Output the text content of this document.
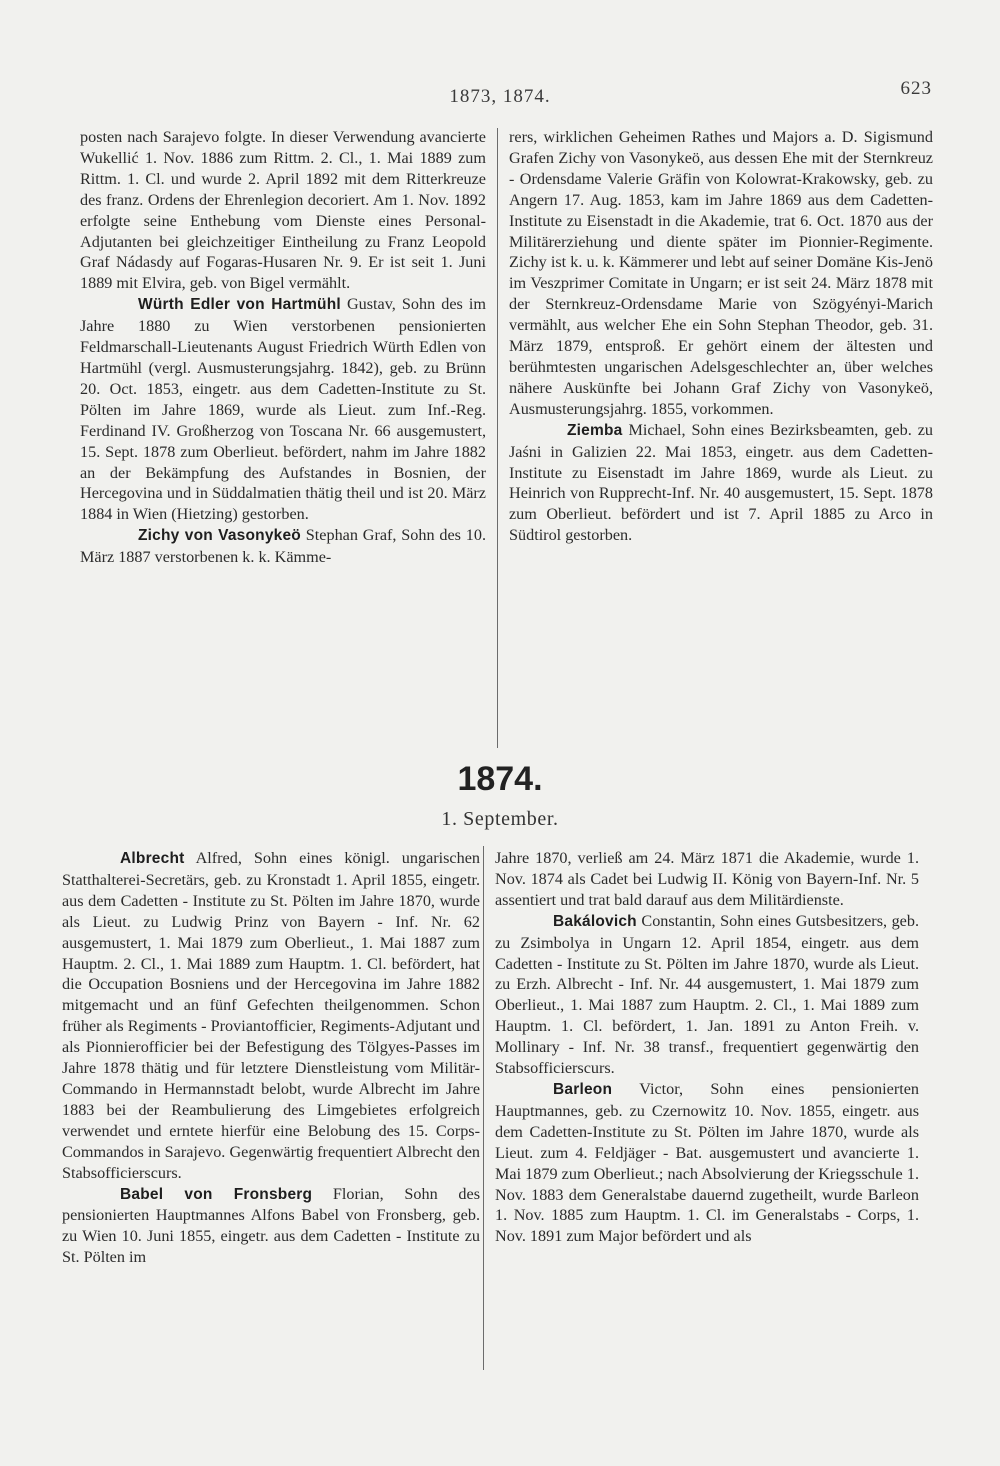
1873, 1874.	623

posten nach Sarajevo folgte. In dieser Verwendung avancierte Wukellić 1. Nov. 1886 zum Rittm. 2. Cl., 1. Mai 1889 zum Rittm. 1. Cl. und wurde 2. April 1892 mit dem Ritterkreuze des franz. Ordens der Ehrenlegion decoriert. Am 1. Nov. 1892 erfolgte seine Enthebung vom Dienste eines Personal-Adjutanten bei gleichzeitiger Eintheilung zu Franz Leopold Graf Nádasdy auf Fogaras-Husaren Nr. 9. Er ist seit 1. Juni 1889 mit Elvira, geb. von Bigel vermählt.

Würth Edler von Hartmühl Gustav, Sohn des im Jahre 1880 zu Wien verstorbenen pensionierten Feldmarschall-Lieutenants August Friedrich Würth Edlen von Hartmühl (vergl. Ausmusterungsjahrg. 1842), geb. zu Brünn 20. Oct. 1853, eingetr. aus dem Cadetten-Institute zu St. Pölten im Jahre 1869, wurde als Lieut. zum Inf.-Reg. Ferdinand IV. Großherzog von Toscana Nr. 66 ausgemustert, 15. Sept. 1878 zum Oberlieut. befördert, nahm im Jahre 1882 an der Bekämpfung des Aufstandes in Bosnien, der Hercegovina und in Süddalmatien thätig theil und ist 20. März 1884 in Wien (Hietzing) gestorben.

Zichy von Vasonykeö Stephan Graf, Sohn des 10. März 1887 verstorbenen k. k. Kämme-

rers, wirklichen Geheimen Rathes und Majors a. D. Sigismund Grafen Zichy von Vasonykeö, aus dessen Ehe mit der Sternkreuz - Ordensdame Valerie Gräfin von Kolowrat-Krakowsky, geb. zu Angern 17. Aug. 1853, kam im Jahre 1869 aus dem Cadetten-Institute zu Eisenstadt in die Akademie, trat 6. Oct. 1870 aus der Militärerziehung und diente später im Pionnier-Regimente. Zichy ist k. u. k. Kämmerer und lebt auf seiner Domäne Kis-Jenö im Veszprimer Comitate in Ungarn; er ist seit 24. März 1878 mit der Sternkreuz-Ordensdame Marie von Szögyényi-Marich vermählt, aus welcher Ehe ein Sohn Stephan Theodor, geb. 31. März 1879, entsproß. Er gehört einem der ältesten und berühmtesten ungarischen Adelsgeschlechter an, über welches nähere Auskünfte bei Johann Graf Zichy von Vasonykeö, Ausmusterungsjahrg. 1855, vorkommen.

Ziemba Michael, Sohn eines Bezirksbeamten, geb. zu Jaśni in Galizien 22. Mai 1853, eingetr. aus dem Cadetten-Institute zu Eisenstadt im Jahre 1869, wurde als Lieut. zu Heinrich von Rupprecht-Inf. Nr. 40 ausgemustert, 15. Sept. 1878 zum Oberlieut. befördert und ist 7. April 1885 zu Arco in Südtirol gestorben.

1874.
1. September.

Albrecht Alfred, Sohn eines königl. ungarischen Statthalterei-Secretärs, geb. zu Kronstadt 1. April 1855, eingetr. aus dem Cadetten - Institute zu St. Pölten im Jahre 1870, wurde als Lieut. zu Ludwig Prinz von Bayern - Inf. Nr. 62 ausgemustert, 1. Mai 1879 zum Oberlieut., 1. Mai 1887 zum Hauptm. 2. Cl., 1. Mai 1889 zum Hauptm. 1. Cl. befördert, hat die Occupation Bosniens und der Hercegovina im Jahre 1882 mitgemacht und an fünf Gefechten theilgenommen. Schon früher als Regiments - Proviantofficier, Regiments-Adjutant und als Pionnierofficier bei der Befestigung des Tölgyes-Passes im Jahre 1878 thätig und für letztere Dienstleistung vom Militär-Commando in Hermannstadt belobt, wurde Albrecht im Jahre 1883 bei der Reambulierung des Limgebietes erfolgreich verwendet und erntete hierfür eine Belobung des 15. Corps-Commandos in Sarajevo. Gegenwärtig frequentiert Albrecht den Stabsofficierscurs.

Babel von Fronsberg Florian, Sohn des pensionierten Hauptmannes Alfons Babel von Fronsberg, geb. zu Wien 10. Juni 1855, eingetr. aus dem Cadetten - Institute zu St. Pölten im

Jahre 1870, verließ am 24. März 1871 die Akademie, wurde 1. Nov. 1874 als Cadet bei Ludwig II. König von Bayern-Inf. Nr. 5 assentiert und trat bald darauf aus dem Militärdienste.

Bakálovich Constantin, Sohn eines Gutsbesitzers, geb. zu Zsimbolya in Ungarn 12. April 1854, eingetr. aus dem Cadetten - Institute zu St. Pölten im Jahre 1870, wurde als Lieut. zu Erzh. Albrecht - Inf. Nr. 44 ausgemustert, 1. Mai 1879 zum Oberlieut., 1. Mai 1887 zum Hauptm. 2. Cl., 1. Mai 1889 zum Hauptm. 1. Cl. befördert, 1. Jan. 1891 zu Anton Freih. v. Mollinary - Inf. Nr. 38 transf., frequentiert gegenwärtig den Stabsofficierscurs.

Barleon Victor, Sohn eines pensionierten Hauptmannes, geb. zu Czernowitz 10. Nov. 1855, eingetr. aus dem Cadetten-Institute zu St. Pölten im Jahre 1870, wurde als Lieut. zum 4. Feldjäger - Bat. ausgemustert und avancierte 1. Mai 1879 zum Oberlieut.; nach Absolvierung der Kriegsschule 1. Nov. 1883 dem Generalstabe dauernd zugetheilt, wurde Barleon 1. Nov. 1885 zum Hauptm. 1. Cl. im Generalstabs - Corps, 1. Nov. 1891 zum Major befördert und als
